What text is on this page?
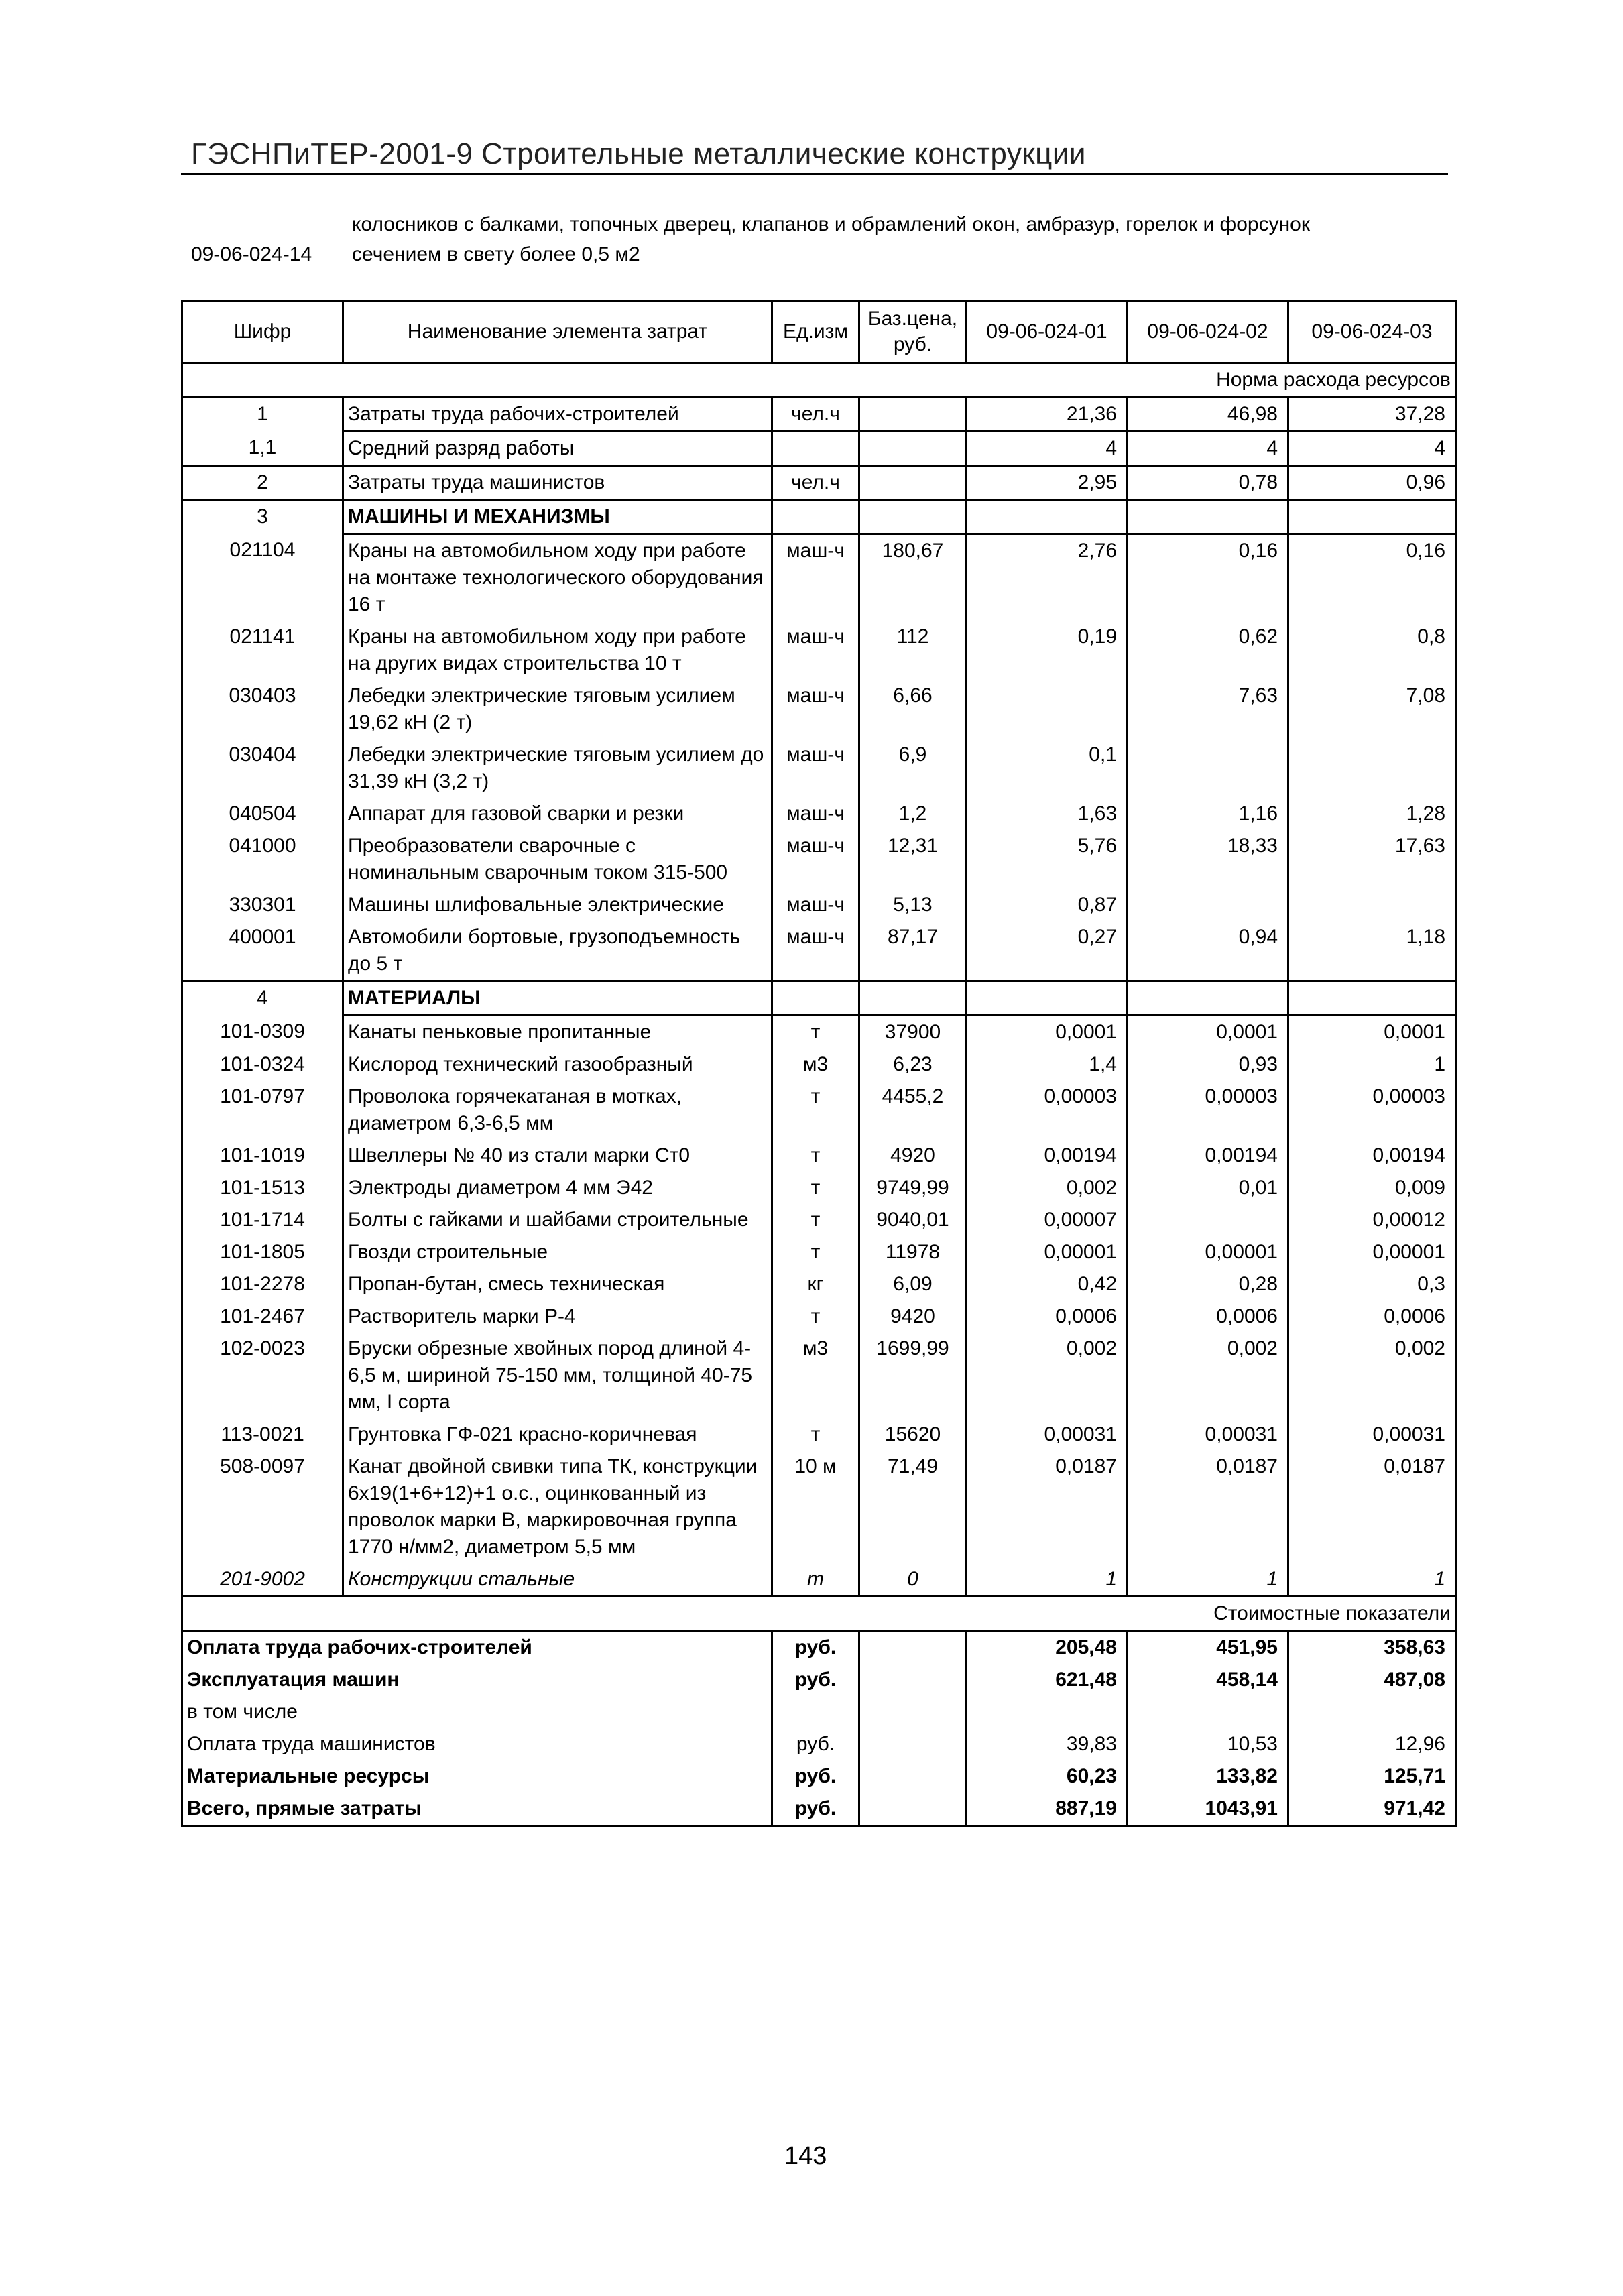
ГЭСНПиТЕР-2001-9 Строительные металлические конструкции
колосников с балками, топочных дверец, клапанов и обрамлений окон, амбразур, горелок и форсунок
09-06-024-14 сечением в свету более 0,5 м2
Шифр	Наименование элемента затрат	Ед.изм	Баз.цена, руб.	09-06-024-01	09-06-024-02	09-06-024-03
Норма расхода ресурсов						
1	Затраты труда рабочих-строителей	чел.ч		21,36	46,98	37,28
1,1	Средний разряд работы			4	4	4
2	Затраты труда машинистов	чел.ч		2,95	0,78	0,96
3	МАШИНЫ И МЕХАНИЗМЫ					
021104	Краны на автомобильном ходу при работе на монтаже технологического оборудования 16 т	маш-ч	180,67	2,76	0,16	0,16
021141	Краны на автомобильном ходу при работе на других видах строительства 10 т	маш-ч	112	0,19	0,62	0,8
030403	Лебедки электрические тяговым усилием 19,62 кН (2 т)	маш-ч	6,66		7,63	7,08
030404	Лебедки электрические тяговым усилием до 31,39 кН (3,2 т)	маш-ч	6,9	0,1		
040504	Аппарат для газовой сварки и резки	маш-ч	1,2	1,63	1,16	1,28
041000	Преобразователи сварочные с номинальным сварочным током 315-500	маш-ч	12,31	5,76	18,33	17,63
330301	Машины шлифовальные электрические	маш-ч	5,13	0,87		
400001	Автомобили бортовые, грузоподъемность до 5 т	маш-ч	87,17	0,27	0,94	1,18
4	МАТЕРИАЛЫ					
101-0309	Канаты пеньковые пропитанные	т	37900	0,0001	0,0001	0,0001
101-0324	Кислород технический газообразный	м3	6,23	1,4	0,93	1
101-0797	Проволока горячекатаная в мотках, диаметром 6,3-6,5 мм	т	4455,2	0,00003	0,00003	0,00003
101-1019	Швеллеры № 40 из стали марки Ст0	т	4920	0,00194	0,00194	0,00194
101-1513	Электроды диаметром 4 мм Э42	т	9749,99	0,002	0,01	0,009
101-1714	Болты с гайками и шайбами строительные	т	9040,01	0,00007		0,00012
101-1805	Гвозди строительные	т	11978	0,00001	0,00001	0,00001
101-2278	Пропан-бутан, смесь техническая	кг	6,09	0,42	0,28	0,3
101-2467	Растворитель марки Р-4	т	9420	0,0006	0,0006	0,0006
102-0023	Бруски обрезные хвойных пород длиной 4-6,5 м, шириной 75-150 мм, толщиной 40-75 мм, I сорта	м3	1699,99	0,002	0,002	0,002
113-0021	Грунтовка ГФ-021 красно-коричневая	т	15620	0,00031	0,00031	0,00031
508-0097	Канат двойной свивки типа ТК, конструкции 6x19(1+6+12)+1 о.с., оцинкованный из проволок марки В, маркировочная группа 1770 н/мм2, диаметром 5,5 мм	10 м	71,49	0,0187	0,0187	0,0187
201-9002	Конструкции стальные	т	0	1	1	1
Стоимостные показатели						
Оплата труда рабочих-строителей		руб.		205,48	451,95	358,63
Эксплуатация машин		руб.		621,48	458,14	487,08
в том числе						
Оплата труда машинистов		руб.		39,83	10,53	12,96
Материальные ресурсы		руб.		60,23	133,82	125,71
Всего, прямые затраты		руб.		887,19	1043,91	971,42
143
